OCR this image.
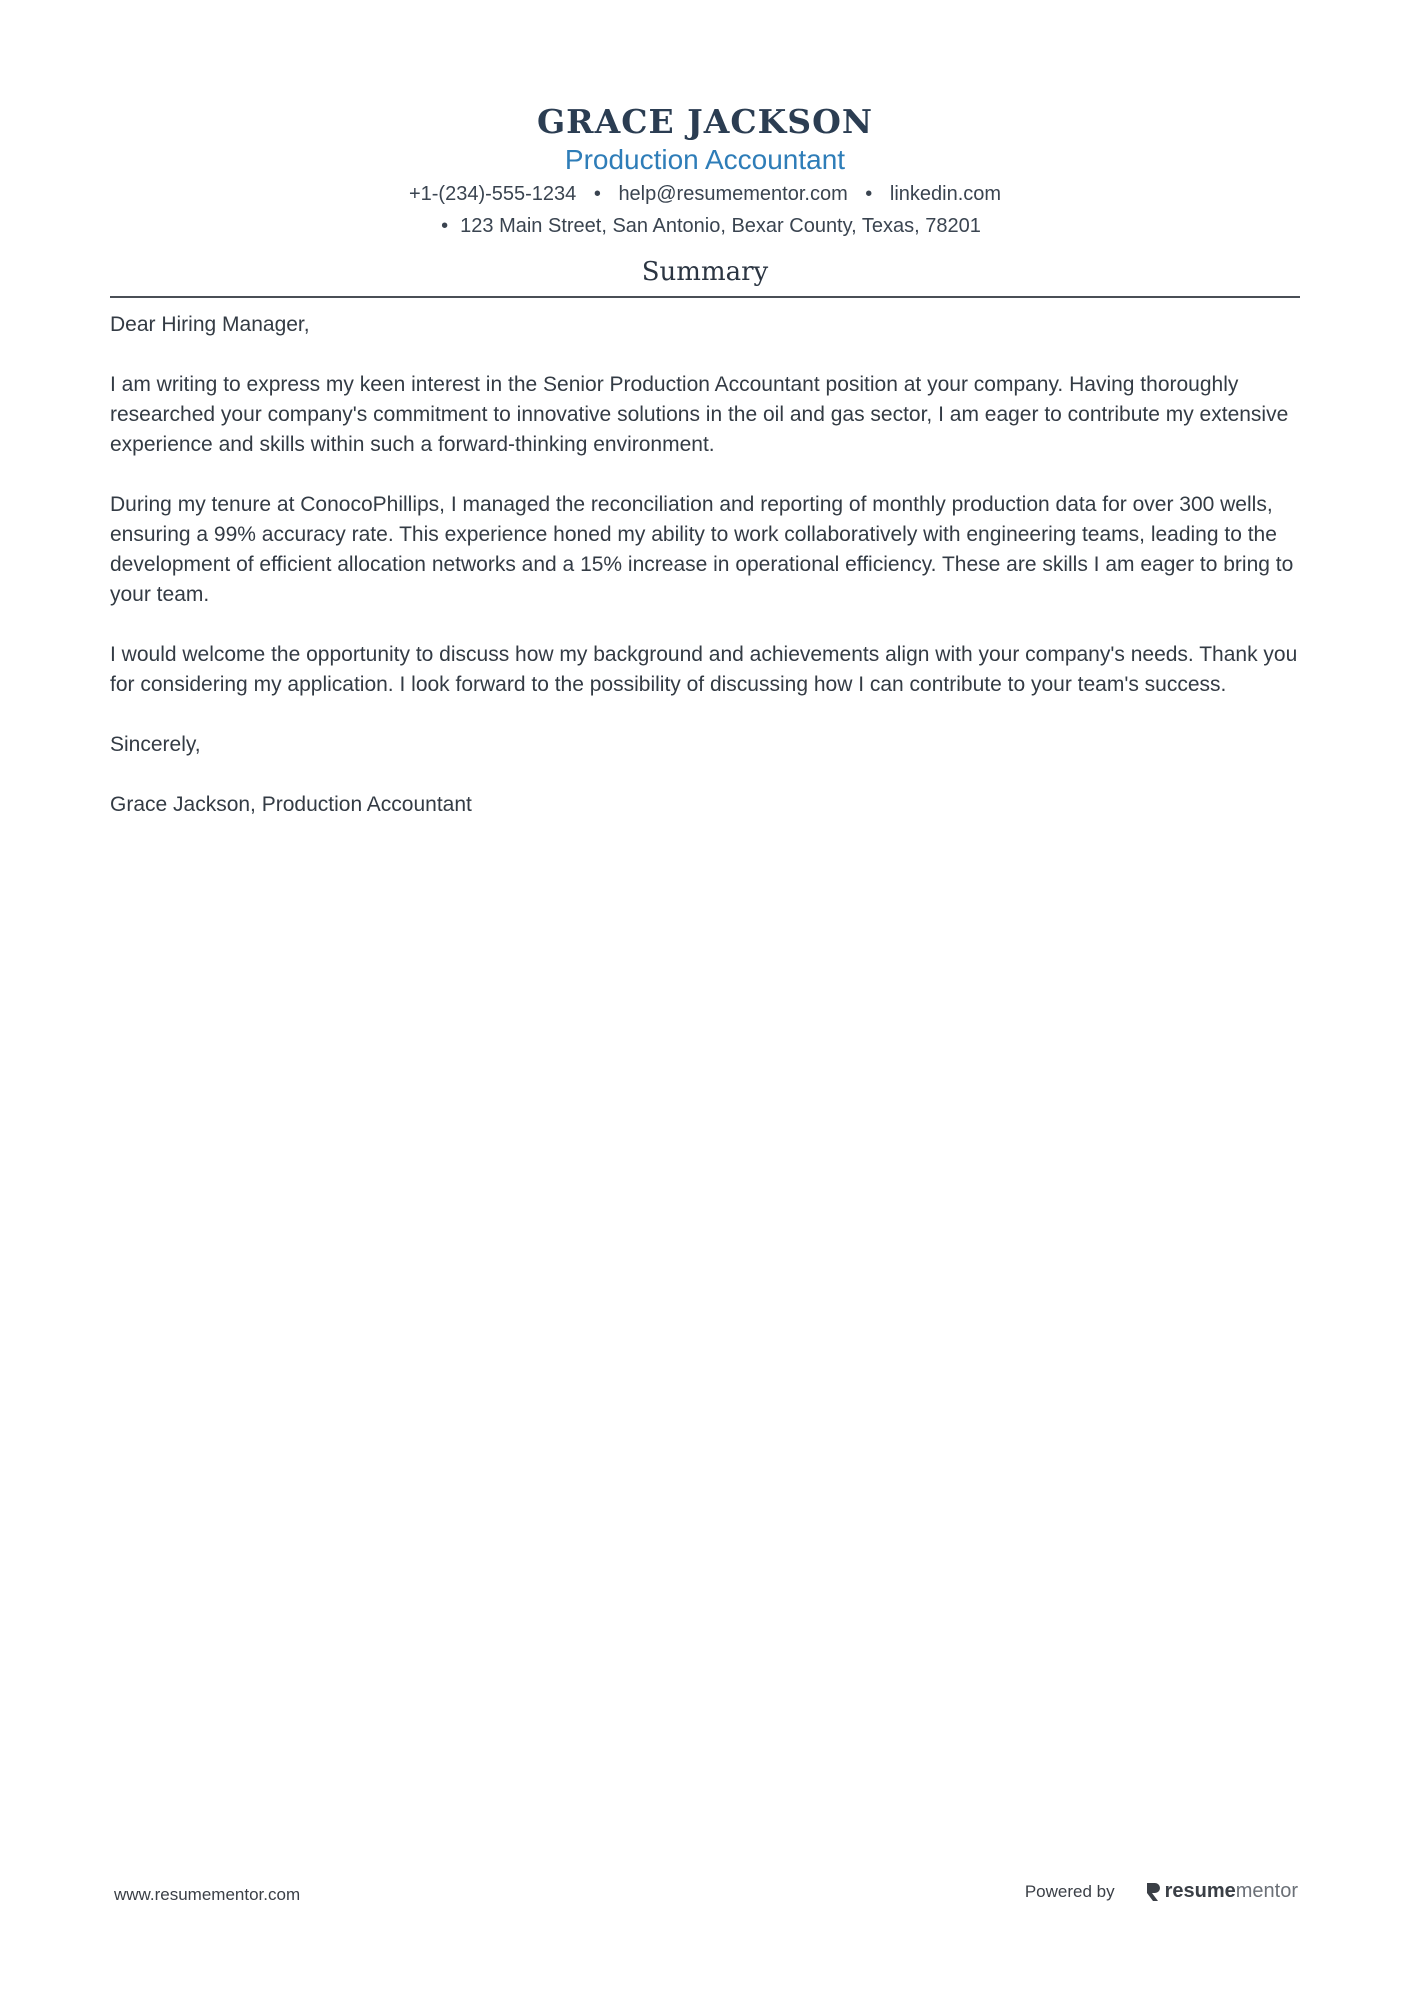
GRACE JACKSON
Production Accountant
+1-(234)-555-1234 • help@resumementor.com • linkedin.com
• 123 Main Street, San Antonio, Bexar County, Texas, 78201
Summary

Dear Hiring Manager,

I am writing to express my keen interest in the Senior Production Accountant position at your company. Having thoroughly researched your company's commitment to innovative solutions in the oil and gas sector, I am eager to contribute my extensive experience and skills within such a forward-thinking environment.

During my tenure at ConocoPhillips, I managed the reconciliation and reporting of monthly production data for over 300 wells, ensuring a 99% accuracy rate. This experience honed my ability to work collaboratively with engineering teams, leading to the development of efficient allocation networks and a 15% increase in operational efficiency. These are skills I am eager to bring to your team.

I would welcome the opportunity to discuss how my background and achievements align with your company's needs. Thank you for considering my application. I look forward to the possibility of discussing how I can contribute to your team's success.

Sincerely,

Grace Jackson, Production Accountant

www.resumementor.com	Powered by	resume mentor
